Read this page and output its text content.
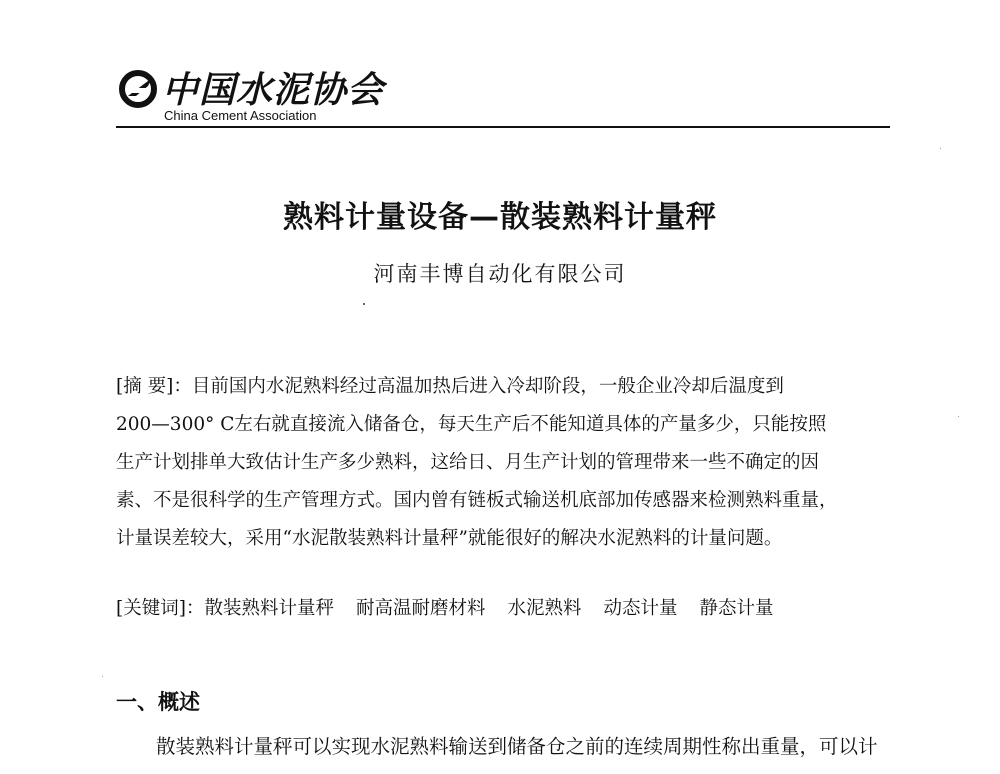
中国水泥协会
China Cement Association
熟料计量设备—散装熟料计量秤
河南丰博自动化有限公司
[摘 要]：目前国内水泥熟料经过高温加热后进入冷却阶段，一般企业冷却后温度到
200—300° C左右就直接流入储备仓，每天生产后不能知道具体的产量多少，只能按照
生产计划排单大致估计生产多少熟料，这给日、月生产计划的管理带来一些不确定的因
素、不是很科学的生产管理方式。国内曾有链板式输送机底部加传感器来检测熟料重量，
计量误差较大，采用“水泥散装熟料计量秤”就能很好的解决水泥熟料的计量问题。
[关键词]：散装熟料计量秤 耐高温耐磨材料 水泥熟料 动态计量 静态计量
一、概述
散装熟料计量秤可以实现水泥熟料输送到储备仓之前的连续周期性称出重量，可以计
